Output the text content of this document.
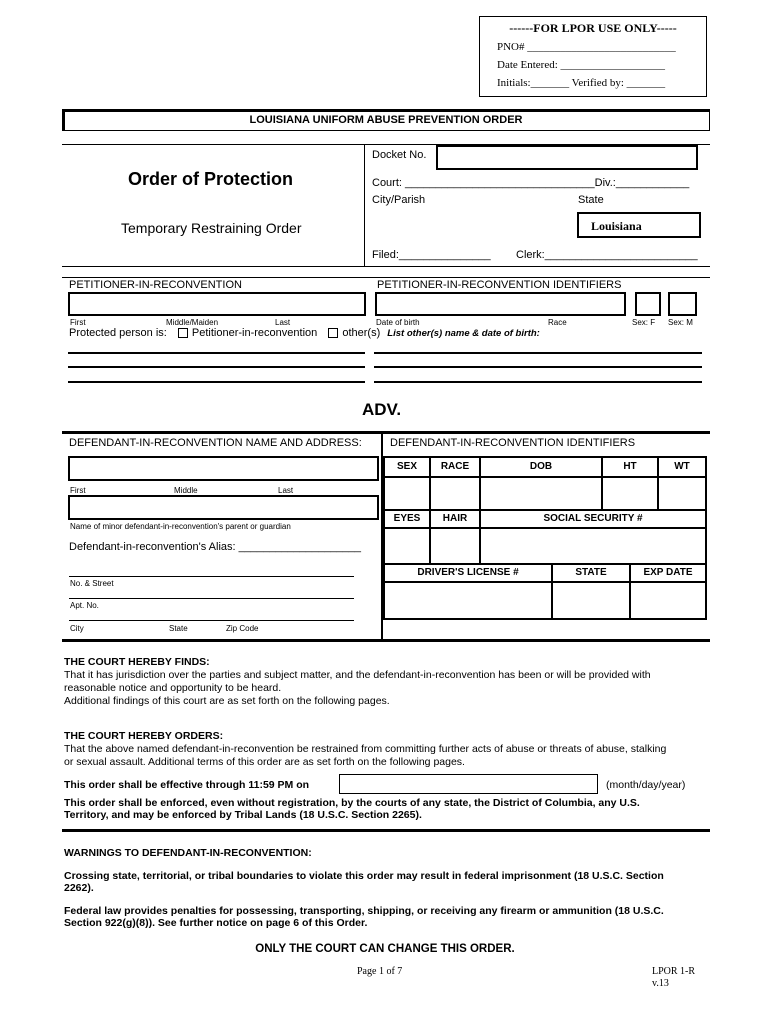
------FOR LPOR USE ONLY-----
PNO# ___________________________
Date Entered: ___________________
Initials:_______ Verified by: _______
LOUISIANA UNIFORM ABUSE PREVENTION ORDER
Order of Protection
Temporary Restraining Order
Docket No.
Court: _______________________________Div.:____________
City/Parish	State
Louisiana
Filed:_______________ Clerk:_________________________
PETITIONER-IN-RECONVENTION	PETITIONER-IN-RECONVENTION IDENTIFIERS
First	Middle/Maiden	Last	Date of birth	Race	Sex: F Sex: M
Protected person is: Petitioner-in-reconvention other(s) List other(s) name & date of birth:
ADV.
DEFENDANT-IN-RECONVENTION NAME AND ADDRESS:	DEFENDANT-IN-RECONVENTION IDENTIFIERS
First	Middle	Last
Name of minor defendant-in-reconvention's parent or guardian
Defendant-in-reconvention's Alias: ____________________
No. & Street
Apt. No.
City	State	Zip Code
SEX	RACE	DOB	HT	WT
EYES	HAIR	SOCIAL SECURITY #
DRIVER'S LICENSE #	STATE	EXP DATE
THE COURT HEREBY FINDS:
That it has jurisdiction over the parties and subject matter, and the defendant-in-reconvention has been or will be provided with
reasonable notice and opportunity to be heard.
Additional findings of this court are as set forth on the following pages.
THE COURT HEREBY ORDERS:
That the above named defendant-in-reconvention be restrained from committing further acts of abuse or threats of abuse, stalking
or sexual assault. Additional terms of this order are as set forth on the following pages.
This order shall be effective through 11:59 PM on	(month/day/year)
This order shall be enforced, even without registration, by the courts of any state, the District of Columbia, any U.S.
Territory, and may be enforced by Tribal Lands (18 U.S.C. Section 2265).
WARNINGS TO DEFENDANT-IN-RECONVENTION:
Crossing state, territorial, or tribal boundaries to violate this order may result in federal imprisonment (18 U.S.C. Section
2262).
Federal law provides penalties for possessing, transporting, shipping, or receiving any firearm or ammunition (18 U.S.C.
Section 922(g)(8)). See further notice on page 6 of this Order.
ONLY THE COURT CAN CHANGE THIS ORDER.
Page 1 of 7	LPOR 1-R
v.13
